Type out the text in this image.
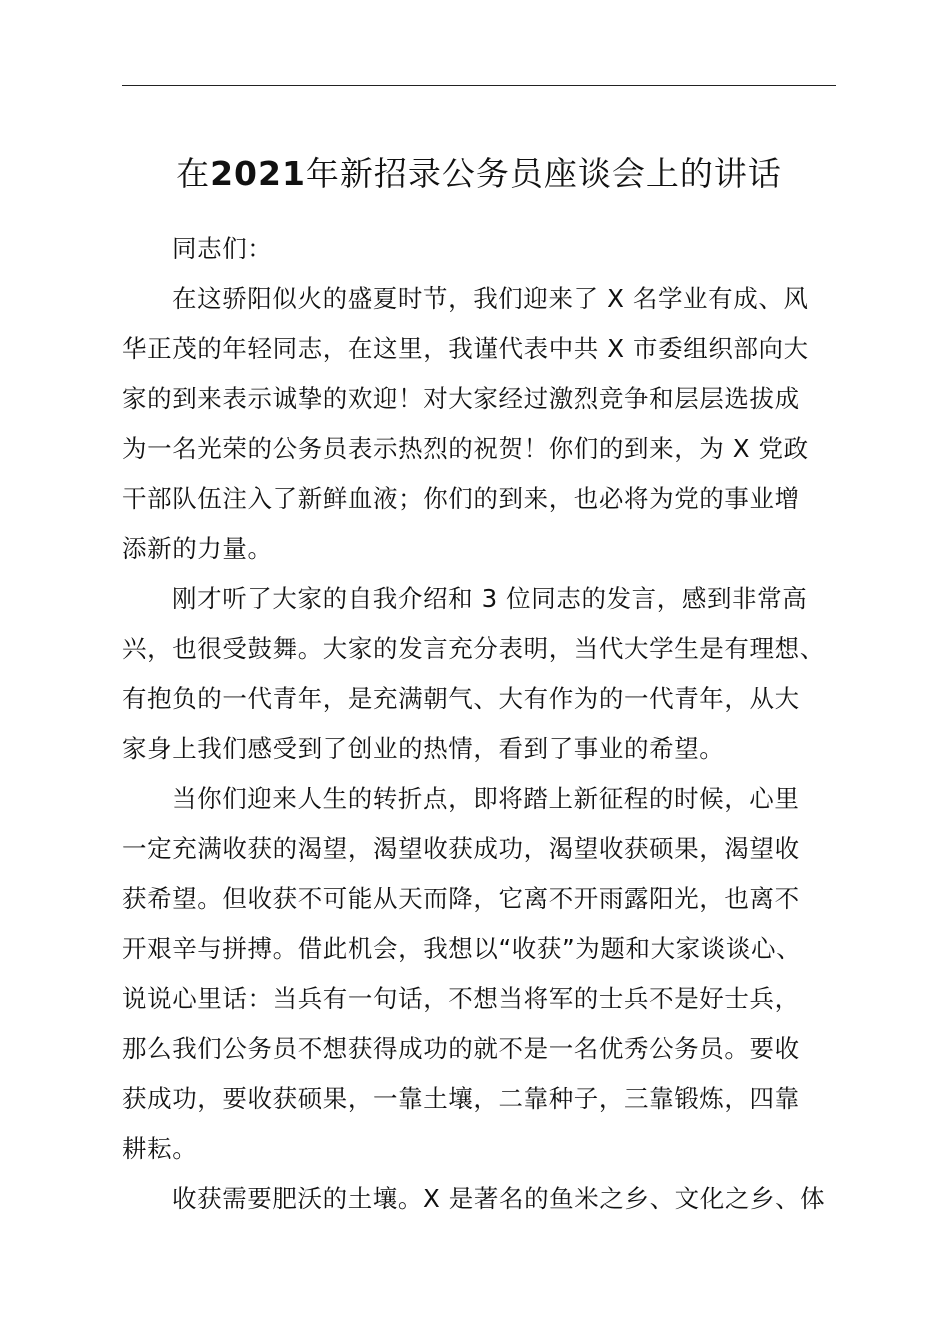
在2021年新招录公务员座谈会上的讲话

同志们：

在这骄阳似火的盛夏时节，我们迎来了 X 名学业有成、风
华正茂的年轻同志，在这里，我谨代表中共 X 市委组织部向大
家的到来表示诚挚的欢迎！对大家经过激烈竞争和层层选拔成
为一名光荣的公务员表示热烈的祝贺！你们的到来，为 X 党政
干部队伍注入了新鲜血液；你们的到来，也必将为党的事业增
添新的力量。

刚才听了大家的自我介绍和 3 位同志的发言，感到非常高
兴，也很受鼓舞。大家的发言充分表明，当代大学生是有理想、
有抱负的一代青年，是充满朝气、大有作为的一代青年，从大
家身上我们感受到了创业的热情，看到了事业的希望。

当你们迎来人生的转折点，即将踏上新征程的时候，心里
一定充满收获的渴望，渴望收获成功，渴望收获硕果，渴望收
获希望。但收获不可能从天而降，它离不开雨露阳光，也离不
开艰辛与拼搏。借此机会，我想以“收获”为题和大家谈谈心、
说说心里话：当兵有一句话，不想当将军的士兵不是好士兵，
那么我们公务员不想获得成功的就不是一名优秀公务员。要收
获成功，要收获硕果，一靠土壤，二靠种子，三靠锻炼，四靠
耕耘。

收获需要肥沃的土壤。X 是著名的鱼米之乡、文化之乡、体
